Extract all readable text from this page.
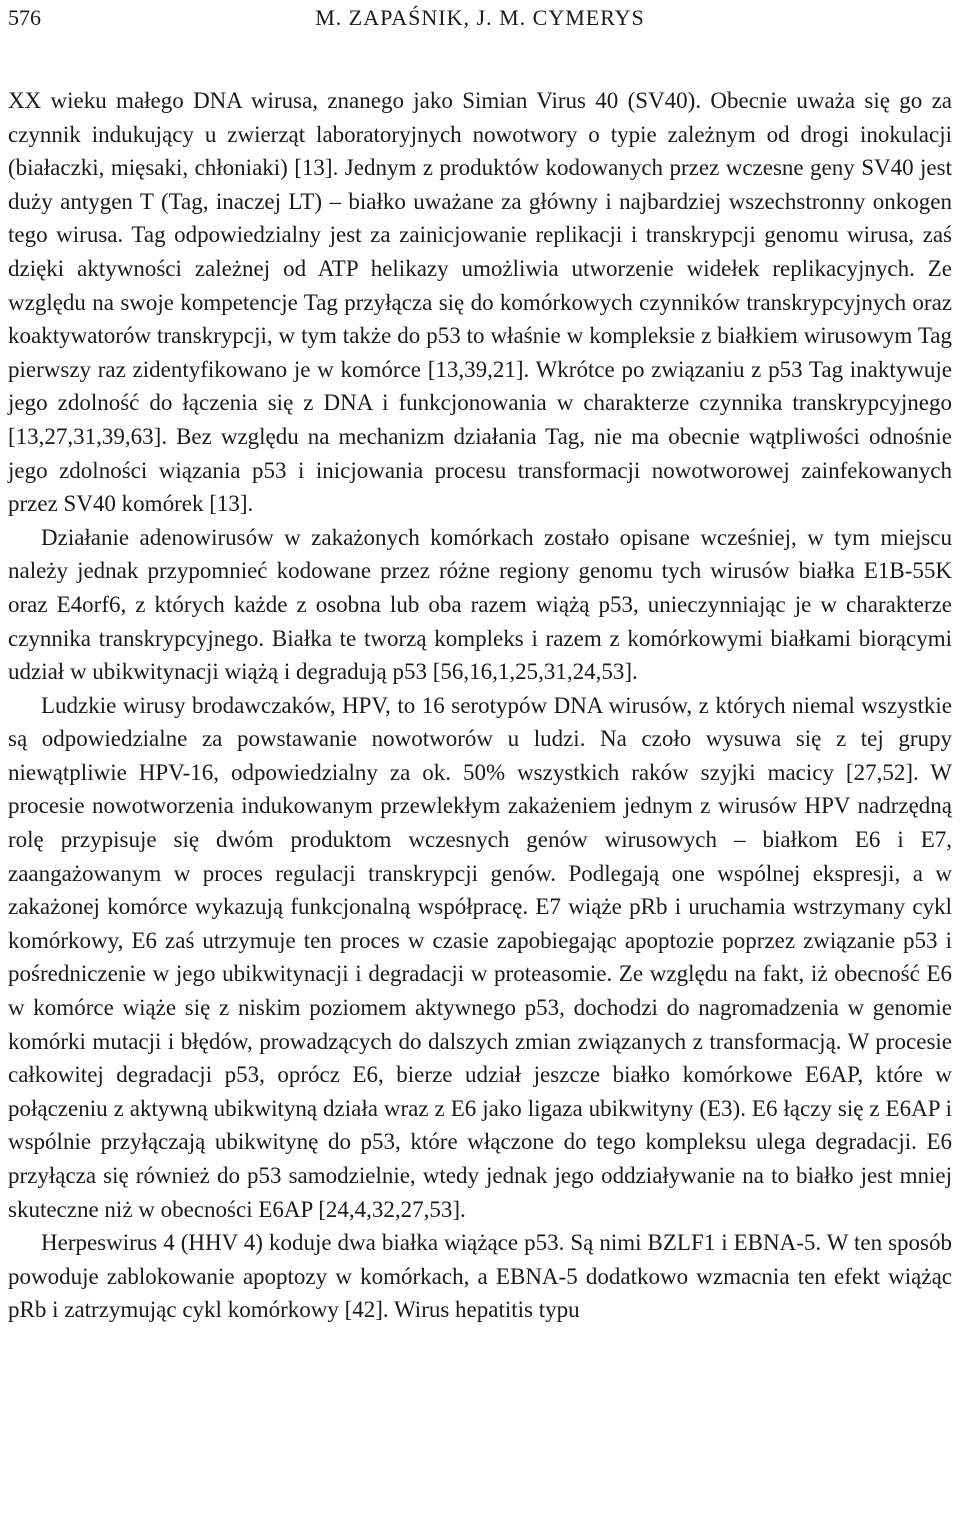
576	M. ZAPAŚNIK, J. M. CYMERYS

XX wieku małego DNA wirusa, znanego jako Simian Virus 40 (SV40). Obecnie uważa się go za czynnik indukujący u zwierząt laboratoryjnych nowotwory o typie zależnym od drogi inokulacji (białaczki, mięsaki, chłoniaki) [13]. Jednym z produktów kodowanych przez wczesne geny SV40 jest duży antygen T (Tag, inaczej LT) – białko uważane za główny i najbardziej wszechstronny onkogen tego wirusa. Tag odpowiedzialny jest za zainicjowanie replikacji i transkrypcji genomu wirusa, zaś dzięki aktywności zależnej od ATP helikazy umożliwia utworzenie widełek replikacyjnych. Ze względu na swoje kompetencje Tag przyłącza się do komórkowych czynników transkrypcyjnych oraz koaktywatorów transkrypcji, w tym także do p53 to właśnie w kompleksie z białkiem wirusowym Tag pierwszy raz zidentyfikowano je w komórce [13,39,21]. Wkrótce po związaniu z p53 Tag inaktywuje jego zdolność do łączenia się z DNA i funkcjonowania w charakterze czynnika transkrypcyjnego [13,27,31,39,63]. Bez względu na mechanizm działania Tag, nie ma obecnie wątpliwości odnośnie jego zdolności wiązania p53 i inicjowania procesu transformacji nowotworowej zainfekowanych przez SV40 komórek [13].

Działanie adenowirusów w zakażonych komórkach zostało opisane wcześniej, w tym miejscu należy jednak przypomnieć kodowane przez różne regiony genomu tych wirusów białka E1B-55K oraz E4orf6, z których każde z osobna lub oba razem wiążą p53, unieczynniając je w charakterze czynnika transkrypcyjnego. Białka te tworzą kompleks i razem z komórkowymi białkami biorącymi udział w ubikwitynacji wiążą i degradują p53 [56,16,1,25,31,24,53].

Ludzkie wirusy brodawczaków, HPV, to 16 serotypów DNA wirusów, z których niemal wszystkie są odpowiedzialne za powstawanie nowotworów u ludzi. Na czoło wysuwa się z tej grupy niewątpliwie HPV-16, odpowiedzialny za ok. 50% wszystkich raków szyjki macicy [27,52]. W procesie nowotworzenia indukowanym przewlekłym zakażeniem jednym z wirusów HPV nadrzędną rolę przypisuje się dwóm produktom wczesnych genów wirusowych – białkom E6 i E7, zaangażowanym w proces regulacji transkrypcji genów. Podlegają one wspólnej ekspresji, a w zakażonej komórce wykazują funkcjonalną współpracę. E7 wiąże pRb i uruchamia wstrzymany cykl komórkowy, E6 zaś utrzymuje ten proces w czasie zapobiegając apoptozie poprzez związanie p53 i pośredniczenie w jego ubikwitynacji i degradacji w proteasomie. Ze względu na fakt, iż obecność E6 w komórce wiąże się z niskim poziomem aktywnego p53, dochodzi do nagromadzenia w genomie komórki mutacji i błędów, prowadzących do dalszych zmian związanych z transformacją. W procesie całkowitej degradacji p53, oprócz E6, bierze udział jeszcze białko komórkowe E6AP, które w połączeniu z aktywną ubikwityną działa wraz z E6 jako ligaza ubikwityny (E3). E6 łączy się z E6AP i wspólnie przyłączają ubikwitynę do p53, które włączone do tego kompleksu ulega degradacji. E6 przyłącza się również do p53 samodzielnie, wtedy jednak jego oddziaływanie na to białko jest mniej skuteczne niż w obecności E6AP [24,4,32,27,53].

Herpeswirus 4 (HHV 4) koduje dwa białka wiążące p53. Są nimi BZLF1 i EBNA-5. W ten sposób powoduje zablokowanie apoptozy w komórkach, a EBNA-5 dodatkowo wzmacnia ten efekt wiążąc pRb i zatrzymując cykl komórkowy [42]. Wirus hepatitis typu
